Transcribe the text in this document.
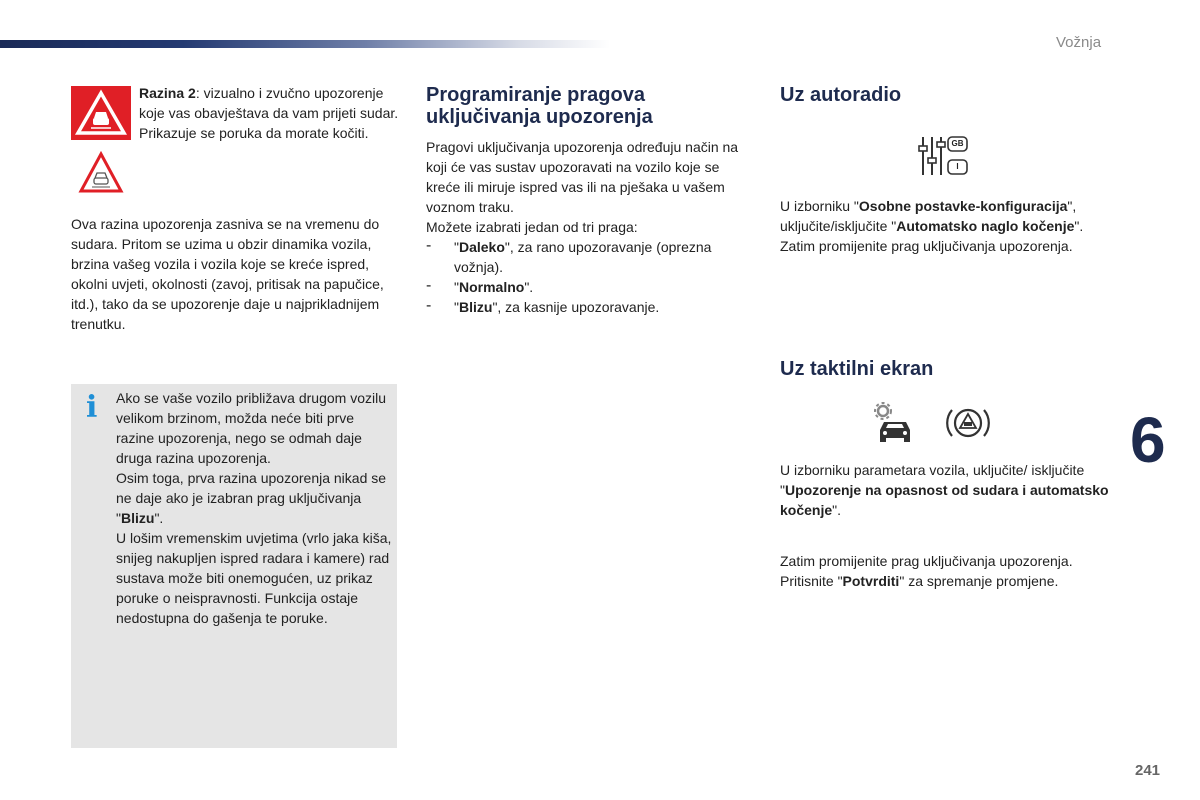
Vožnja
6
241

Razina 2: vizualno i zvučno upozorenje koje vas obavještava da vam prijeti sudar.

Prikazuje se poruka da morate kočiti.

Ova razina upozorenja zasniva se na vremenu do sudara. Pritom se uzima u obzir dinamika vozila, brzina vašeg vozila i vozila koje se kreće ispred, okolni uvjeti, okolnosti (zavoj, pritisak na papučice, itd.), tako da se upozorenje daje u najprikladnijem trenutku.

i Ako se vaše vozilo približava drugom vozilu velikom brzinom, možda neće biti prve razine upozorenja, nego se odmah daje druga razina upozorenja.

Osim toga, prva razina upozorenja nikad se ne daje ako je izabran prag uključivanja "Blizu".

U lošim vremenskim uvjetima (vrlo jaka kiša, snijeg nakupljen ispred radara i kamere) rad sustava može biti onemogućen, uz prikaz poruke o neispravnosti. Funkcija ostaje nedostupna do gašenja te poruke.

Programiranje pragova uključivanja upozorenja

Pragovi uključivanja upozorenja određuju način na koji će vas sustav upozoravati na vozilo koje se kreće ili miruje ispred vas ili na pješaka u vašem voznom traku.

Možete izabrati jedan od tri praga:

- "Daleko", za rano upozoravanje (oprezna vožnja).

- "Normalno".

- "Blizu", za kasnije upozoravanje.

Uz autoradio
GB
I

U izborniku "Osobne postavke-konfiguracija", uključite/isključite "Automatsko naglo kočenje".

Zatim promijenite prag uključivanja upozorenja.

Uz taktilni ekran

U izborniku parametara vozila, uključite/ isključite "Upozorenje na opasnost od sudara i automatsko kočenje".

Zatim promijenite prag uključivanja upozorenja.

Pritisnite "Potvrditi" za spremanje promjene.
